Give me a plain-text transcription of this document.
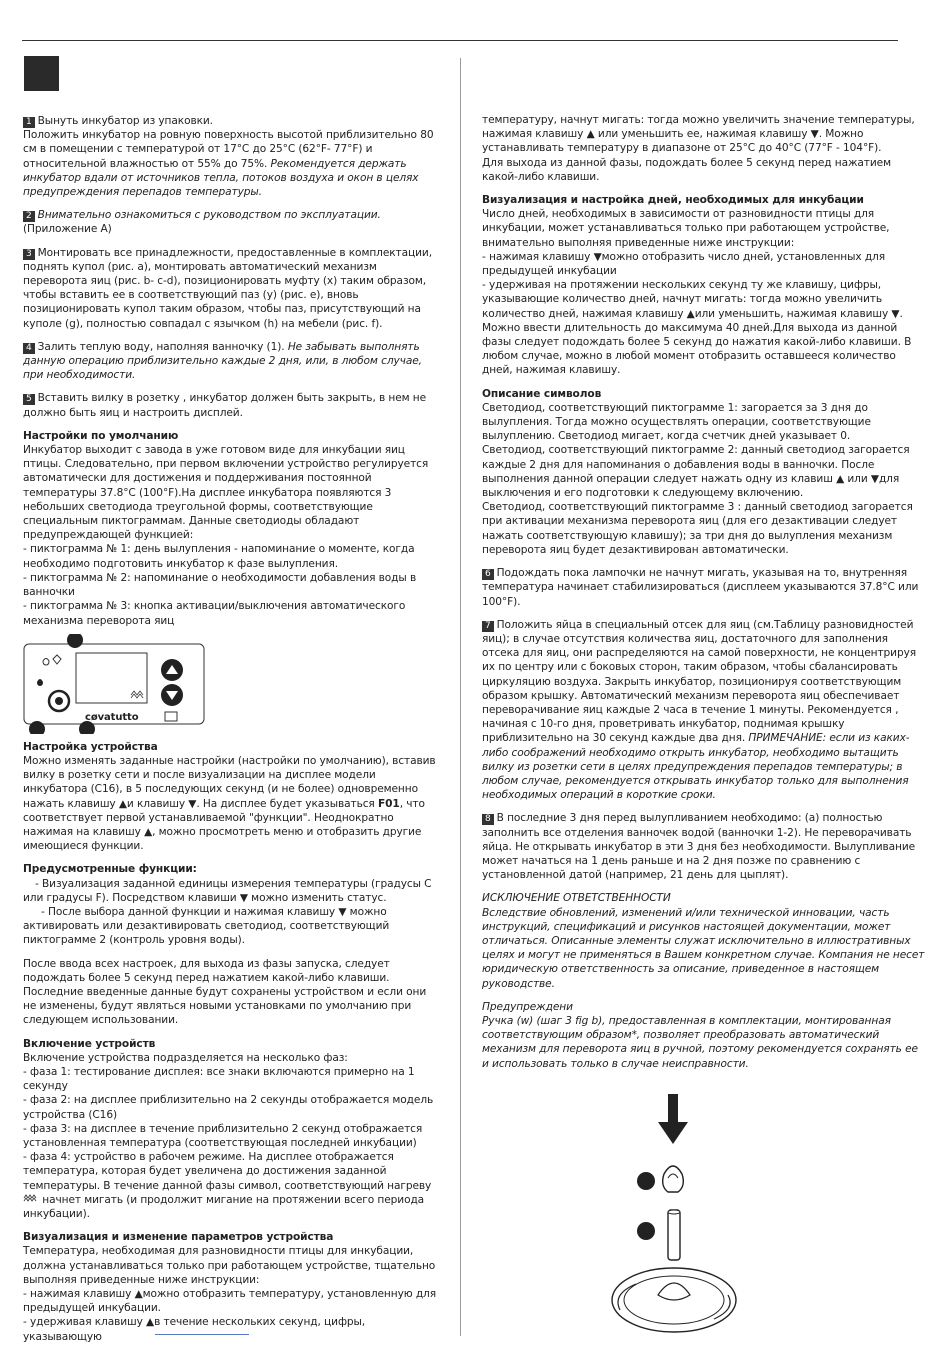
1 Вынуть инкубатор из упаковки.
Положить инкубатор на ровную поверхность высотой приблизительно 80 см в помещении с температурой от 17°C до 25°C (62°F- 77°F) и относительной влажностью от 55% до 75%. Рекомендуется держать инкубатор вдали от источников тепла, потоков воздуха и окон в целях предупреждения перепадов температуры.

2 Внимательно ознакомиться с руководством по эксплуатации.
(Приложение A)

3 Монтировать все принадлежности, предоставленные в комплектации, поднять купол (рис. а), монтировать автоматический механизм переворота яиц (рис. b- c-d), позиционировать муфту (x) таким образом, чтобы вставить ее в соответствующий паз (y) (рис. e), вновь позиционировать купол таким образом, чтобы паз, присутствующий на куполе (g), полностью совпадал с язычком (h) на мебели (рис. f).

4 Залить теплую воду, наполняя ванночку (1). Не забывать выполнять данную операцию приблизительно каждые 2 дня, или, в любом случае, при необходимости.

5 Вставить вилку в розетку , инкубатор должен быть закрыть, в нем не должно быть яиц и настроить дисплей.

Настройки по умолчанию

Инкубатор выходит с завода в уже готовом виде для инкубации яиц птицы. Следовательно, при первом включении устройство регулируется автоматически для достижения и поддерживания постоянной температуры 37.8°C (100°F).На дисплее инкубатора появляются 3 небольших светодиода треугольной формы, соответствующие специальным пиктограммам. Данные светодиоды обладают предупреждающей функцией:
- пиктограмма № 1: день вылупления - напоминание о моменте, когда необходимо подготовить инкубатор к фазе вылупления.
- пиктограмма № 2: напоминание о необходимости добавления воды в ванночки
- пиктограмма № 3: кнопка активации/выключения автоматического механизма переворота яиц

cøvatutto
Настройка устройства

Можно изменять заданные настройки (настройки по умолчанию), вставив вилку в розетку сети и после визуализации на дисплее модели инкубатора (C16), в 5 последующих секунд (и не более) одновременно нажать клавишу ▲и клавишу ▼. На дисплее будет указываться F01, что соответствует первой устанавливаемой "функции". Неоднократно нажимая на клавишу ▲, можно просмотреть меню и отобразить другие имеющиеся функции.

Предусмотренные функции:

- Визуализация заданной единицы измерения температуры (градусы C или градусы F). Посредством клавиши ▼ можно изменить статус.
- После выбора данной функции и нажимая клавишу ▼ можно активировать или дезактивировать светодиод, соответствующий пиктограмме 2 (контроль уровня воды).

После ввода всех настроек, для выхода из фазы запуска, следует подождать более 5 секунд перед нажатием какой-либо клавиши. Последние введенные данные будут сохранены устройством и если они не изменены, будут являться новыми установками по умолчанию при следующем использовании.

Включение устройств

Включение устройства подразделяется на несколько фаз:
- фаза 1: тестирование дисплея: все знаки включаются примерно на 1 секунду
- фаза 2: на дисплее приблизительно на 2 секунды отображается модель устройства (C16)
- фаза 3: на дисплее в течение приблизительно 2 секунд отображается установленная температура (соответствующая последней инкубации)
- фаза 4: устройство в рабочем режиме. На дисплее отображается температура, которая будет увеличена до достижения заданной температуры. В течение данной фазы символ, соответствующий нагреву  начнет мигать (и продолжит мигание на протяжении всего периода инкубации).

Визуализация и изменение параметров устройства

Температура, необходимая для разновидности птицы для инкубации, должна устанавливаться только при работающем устройстве, тщательно выполняя приведенные ниже инструкции:
- нажимая клавишу ▲можно отобразить температуру, установленную для предыдущей инкубации.
- удерживая клавишу ▲в течение нескольких секунд, цифры, указывающую

температуру, начнут мигать: тогда можно увеличить значение температуры, нажимая клавишу ▲ или уменьшить ее, нажимая клавишу ▼. Можно устанавливать температуру в диапазоне от 25°C до 40°C (77°F - 104°F).
Для выхода из данной фазы, подождать более 5 секунд перед нажатием какой-либо клавиши.

Визуализация и настройка дней, необходимых для инкубации

Число дней, необходимых в зависимости от разновидности птицы для инкубации, может устанавливаться только при работающем устройстве, внимательно выполняя приведенные ниже инструкции:
- нажимая клавишу ▼можно отобразить число дней, установленных для предыдущей инкубации
- удерживая на протяжении нескольких секунд ту же клавишу, цифры, указывающие количество дней, начнут мигать: тогда можно увеличить количество дней, нажимая клавишу ▲или уменьшить, нажимая клавишу ▼. Можно ввести длительность до максимума 40 дней.Для выхода из данной фазы следует подождать более 5 секунд до нажатия какой-либо клавиши. В любом случае, можно в любой момент отобразить оставшееся количество дней, нажимая клавишу.

Описание символов

Светодиод, соответствующий пиктограмме 1: загорается за 3 дня до вылупления. Тогда можно осуществлять операции, соответствующие вылуплению. Светодиод мигает, когда счетчик дней указывает 0.
Светодиод, соответствующий пиктограмме 2: данный светодиод загорается каждые 2 дня для напоминания о добавления воды в ванночки. После выполнения данной операции следует нажать одну из клавиш ▲ или ▼для выключения и его подготовки к следующему включению.
Светодиод, соответствующий пиктограмме 3 : данный светодиод загорается при активации механизма переворота яиц (для его дезактивации следует нажать соответствующую клавишу); за три дня до вылупления механизм переворота яиц будет дезактивирован автоматически.

6 Подождать пока лампочки не начнут мигать, указывая на то, внутренняя температура начинает стабилизироваться (дисплеем указываются 37.8°C или 100°F).

7 Положить яйца в специальный отсек для яиц (см.Таблицу разновидностей яиц); в случае отсутствия количества яиц, достаточного для заполнения отсека для яиц, они распределяются на самой поверхности, не концентрируя их по центру или с боковых сторон, таким образом, чтобы сбалансировать циркуляцию воздуха. Закрыть инкубатор, позиционируя соответствующим образом крышку. Автоматический механизм переворота яиц обеспечивает переворачивание яиц каждые 2 часа в течение 1 минуты. Рекомендуется , начиная с 10-го дня, проветривать инкубатор, поднимая крышку приблизительно на 30 секунд каждые два дня. ПРИМЕЧАНИЕ: если из каких-либо соображений необходимо открыть инкубатор, необходимо вытащить вилку из розетки сети в целях предупреждения перепадов температуры; в любом случае, рекомендуется открывать инкубатор только для выполнения необходимых операций в короткие сроки.

8 В последние 3 дня перед вылупливанием необходимо: (а) полностью заполнить все отделения ванночек водой (ванночки 1-2). Не переворачивать яйца. Не открывать инкубатор в эти 3 дня без необходимости. Вылупливание может начаться на 1 день раньше и на 2 дня позже по сравнению с установленной датой (например, 21 день для цыплят).

ИСКЛЮЧЕНИЕ ОТВЕТСТВЕННОСТИ
Вследствие обновлений, изменений и/или технической инновации, часть инструкций, спецификаций и рисунков настоящей документации, может отличаться. Описанные элементы служат исключительно в иллюстративных целях и могут не применяться в Вашем конкретном случае. Компания не несет юридическую ответственность за описание, приведенное в настоящем руководстве.

Предупреждени
Ручка (w) (шаг 3 fig b), предоставленная в комплектации, монтированная соответствующим образом*, позволяет преобразовать автоматический механизм для переворота яиц в ручной, поэтому рекомендуется сохранять ее и использовать только в случае неисправности.
